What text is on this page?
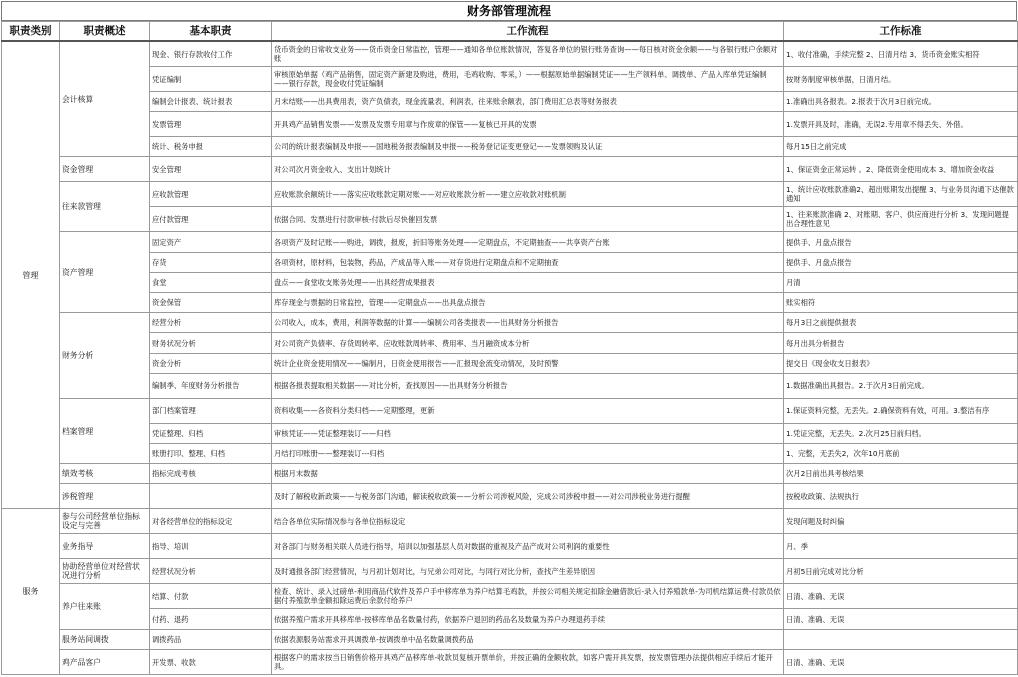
财务部管理流程
职责类别	职责概述	基本职责	工作流程	工作标准
管理	会计核算	现金、银行存款收付工作	货币资金的日常收支业务——货币资金日常监控，管理——通知各单位账款情况，答复各单位的银行账务查询——每日核对资金余额——与各银行账户余额对账	1、收付准确，手续完整 2、日清月结 3、货币资金账实相符
		凭证编制	审核原始单据（鸡产品销售，固定资产新建及购进，费用，毛鸡收购、零采，）——根据原始单据编制凭证——生产领料单、调拨单、产品入库单凭证编制——银行存款，现金收付凭证编制	按财务制度审核单据，日清月结。
		编制会计报表、统计报表	月末结账——出具费用表，资产负债表，现金流量表，利润表，往来账余额表，部门费用汇总表等财务报表	1.准确出具各报表。2.报表于次月3日前完成。
		发票管理	开具鸡产品销售发票——发票及发票专用章与作废章的保管——复核已开具的发票	1.发票开具及时，准确，无误2.专用章不得丢失、外借。
		统计、税务申报	公司的统计报表编制及申报——国地税务报表编制及申报——税务登记证变更登记——发票领购及认证	每月15日之前完成
	资金管理	安全管理	对公司次月资金收入、支出计划统计	1、保证资金正常运转 。2、降低资金使用成本 3、增加资金收益
	往来款管理	应收款管理	应收账款余额统计——落实应收账款定期对账——对应收账款分析——建立应收款对账机制	1、统计应收账款准确2、超出账期发出提醒 3、与业务员沟通下达催款通知
		应付款管理	依据合同、发票进行付款审核-付款后尽快催回发票	1、往来账款准确 2、对账期、客户、供应商进行分析 3、发现问题提出合理性意见
	资产管理	固定资产	各项资产及时记账——购进，调拨，报废，折旧等账务处理——定期盘点，不定期抽查——共享资产台账	提供手、月盘点报告
		存货	各项资材，原材料，包装物，药品，产成品等入账——对存货进行定期盘点和不定期抽查	提供手、月盘点报告
		食堂	盘点——食堂收支账务处理——出具经营成果报表	月清
		资金保管	库存现金与票据的日常监控，管理——定期盘点——出具盘点报告	账实相符
	财务分析	经营分析	公司收入，成本，费用，利润等数据的计算——编制公司各类报表——出具财务分析报告	每月3日之前提供报表
		财务状况分析	对公司资产负债率、存货周转率、应收账款周转率、费用率、当月融资成本分析	每月出具分析报告
		资金分析	统计企业资金使用情况——编制月，日资金使用报告——汇报现金流变动情况，及时预警	提交日《现金收支日报表》
		编制季、年度财务分析报告	根据各报表提取相关数据——对比分析，查找原因——出具财务分析报告	1.数据准确出具报告。2.于次月3日前完成。
	档案管理	部门档案管理	资料收集——各资料分类归档——定期整理，更新	1.保证资料完整，无丢失。2.确保资料有效，可用。3.整洁有序
		凭证整理、归档	审核凭证——凭证整理装订——归档	1.凭证完整，无丢失。2.次月25日前归档。
		账册打印、整理、归档	月结打印账册——整理装订---归档	1、完整，无丢失2，次年10月底前
	绩效考核	指标完成考核	根据月末数据	次月2日前出具考核结果
	涉税管理		及时了解税收新政策——与税务部门沟通，解读税收政策——分析公司涉税风险，完成公司涉税申报——对公司涉税业务进行提醒	按税收政策、法规执行
服务	参与公司经营单位指标设定与完善	对各经营单位的指标设定	结合各单位实际情况参与各单位指标设定	发现问题及时纠偏
	业务指导	指导、培训	对各部门与财务相关联人员进行指导，培训以加强基层人员对数据的重视及产品产成对公司利润的重要性	月、季
	协助经营单位对经营状况进行分析	经营状况分析	及时通报各部门经营情况，与月初计划对比，与兄弟公司对比，与同行对比分析，查找产生差异原因	月初5日前完成对比分析
	养户往来账	结算、付款	检查、统计、录入过磅单-利用商品代软件及养户手中移库单为养户结算毛鸡款，并按公司相关规定扣除金融借款后-录入付养殖款单-为司机结算运费-付款员依据付养殖款单金额扣除运费后余款付给养户	日清、准确、无误
		付药、退药	依据养殖户需求开具移库单-按移库单品名数量付药，依据养户退回的药品名及数量为养户办理退药手续	日清、准确、无误
	服务站间调拨	调拨药品	依据表源服务站需求开具调拨单-按调拨单中品名数量调拨药品	
	鸡产品客户	开发票、收款	根据客户的需求按当日销售价格开具鸡产品移库单-收款员复核开票单价，并按正确的金额收款，如客户需开具发票，按发票管理办法提供相应手续后才能开具。	日清、准确、无误
